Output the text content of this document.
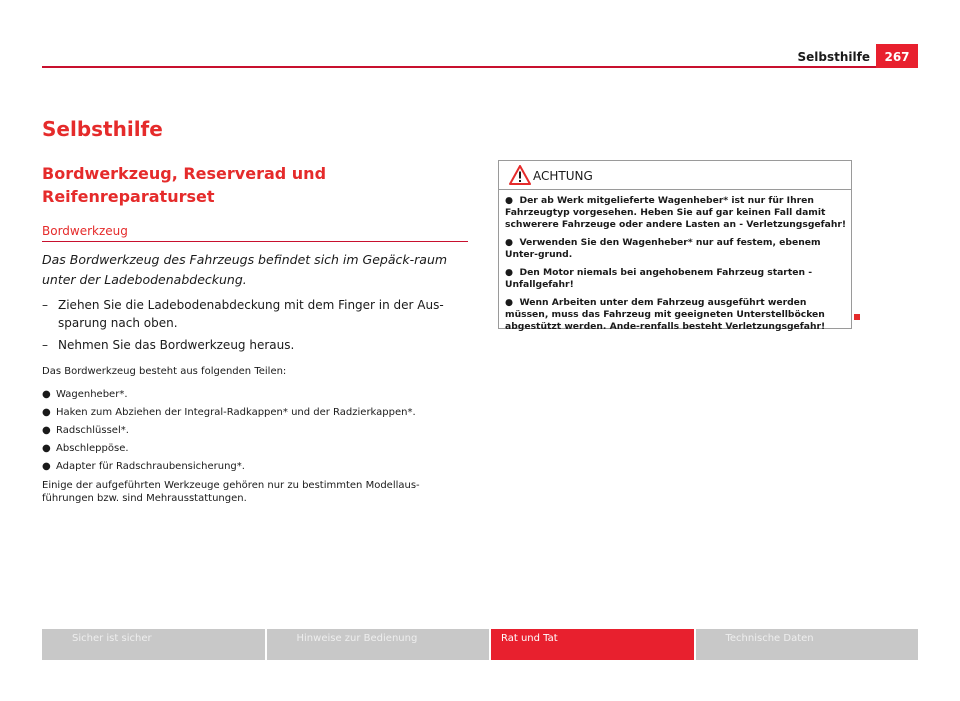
Selbsthilfe	267
Selbsthilfe
Bordwerkzeug, Reserverad und Reifenreparaturset
Bordwerkzeug
Das Bordwerkzeug des Fahrzeugs befindet sich im Gepäck-raum unter der Ladebodenabdeckung.
– Ziehen Sie die Ladebodenabdeckung mit dem Finger in der Aus-sparung nach oben.
– Nehmen Sie das Bordwerkzeug heraus.
Das Bordwerkzeug besteht aus folgenden Teilen:
● Wagenheber*.
● Haken zum Abziehen der Integral-Radkappen* und der Radzierkappen*.
● Radschlüssel*.
● Abschleppöse.
● Adapter für Radschraubensicherung*.
Einige der aufgeführten Werkzeuge gehören nur zu bestimmten Modellaus-führungen bzw. sind Mehrausstattungen.
ACHTUNG

● Der ab Werk mitgelieferte Wagenheber* ist nur für Ihren Fahrzeugtyp vorgesehen. Heben Sie auf gar keinen Fall damit schwerere Fahrzeuge oder andere Lasten an - Verletzungsgefahr!

● Verwenden Sie den Wagenheber* nur auf festem, ebenem Unter-grund.

● Den Motor niemals bei angehobenem Fahrzeug starten - Unfallgefahr!

● Wenn Arbeiten unter dem Fahrzeug ausgeführt werden müssen, muss das Fahrzeug mit geeigneten Unterstellböcken abgestützt werden. Ande-renfalls besteht Verletzungsgefahr!

Sicher ist sicher	Hinweise zur Bedienung	Rat und Tat	Technische Daten
